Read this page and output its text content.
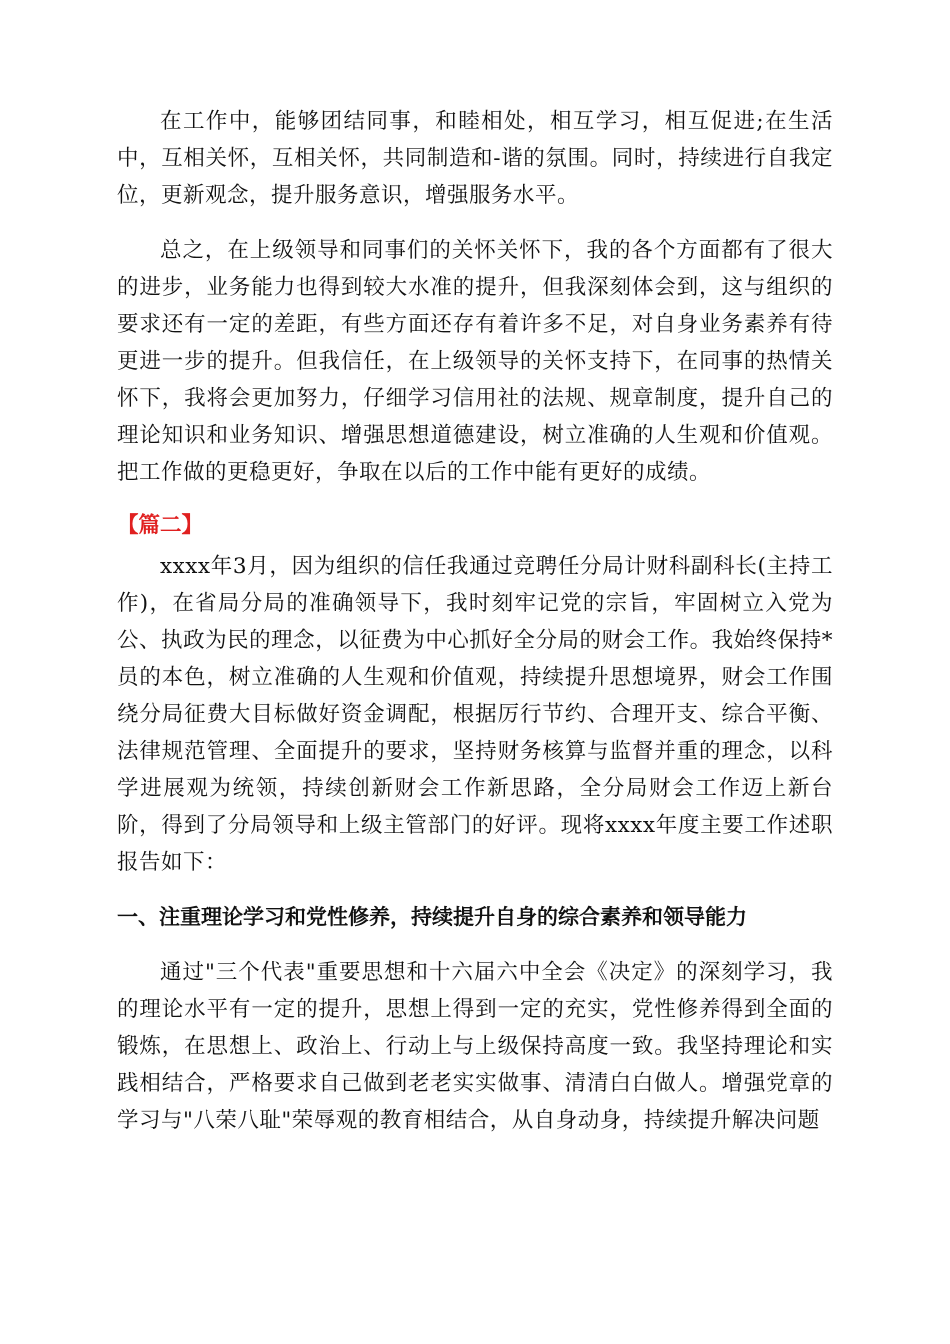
在工作中，能够团结同事，和睦相处，相互学习，相互促进;在生活中，互相关怀，互相关怀，共同制造和-谐的氛围。同时，持续进行自我定位，更新观念，提升服务意识，增强服务水平。

总之，在上级领导和同事们的关怀关怀下，我的各个方面都有了很大的进步，业务能力也得到较大水准的提升，但我深刻体会到，这与组织的要求还有一定的差距，有些方面还存有着许多不足，对自身业务素养有待更进一步的提升。但我信任，在上级领导的关怀支持下，在同事的热情关怀下，我将会更加努力，仔细学习信用社的法规、规章制度，提升自己的理论知识和业务知识、增强思想道德建设，树立准确的人生观和价值观。把工作做的更稳更好，争取在以后的工作中能有更好的成绩。

【篇二】

xxxx年3月，因为组织的信任我通过竞聘任分局计财科副科长(主持工作)，在省局分局的准确领导下，我时刻牢记党的宗旨，牢固树立入党为公、执政为民的理念，以征费为中心抓好全分局的财会工作。我始终保持*员的本色，树立准确的人生观和价值观，持续提升思想境界，财会工作围绕分局征费大目标做好资金调配，根据厉行节约、合理开支、综合平衡、法律规范管理、全面提升的要求，坚持财务核算与监督并重的理念，以科学进展观为统领，持续创新财会工作新思路，全分局财会工作迈上新台阶，得到了分局领导和上级主管部门的好评。现将xxxx年度主要工作述职报告如下：

一、注重理论学习和党性修养，持续提升自身的综合素养和领导能力

通过"三个代表"重要思想和十六届六中全会《决定》的深刻学习，我的理论水平有一定的提升，思想上得到一定的充实，党性修养得到全面的锻炼，在思想上、政治上、行动上与上级保持高度一致。我坚持理论和实践相结合，严格要求自己做到老老实实做事、清清白白做人。增强党章的学习与"八荣八耻"荣辱观的教育相结合，从自身动身，持续提升解决问题
